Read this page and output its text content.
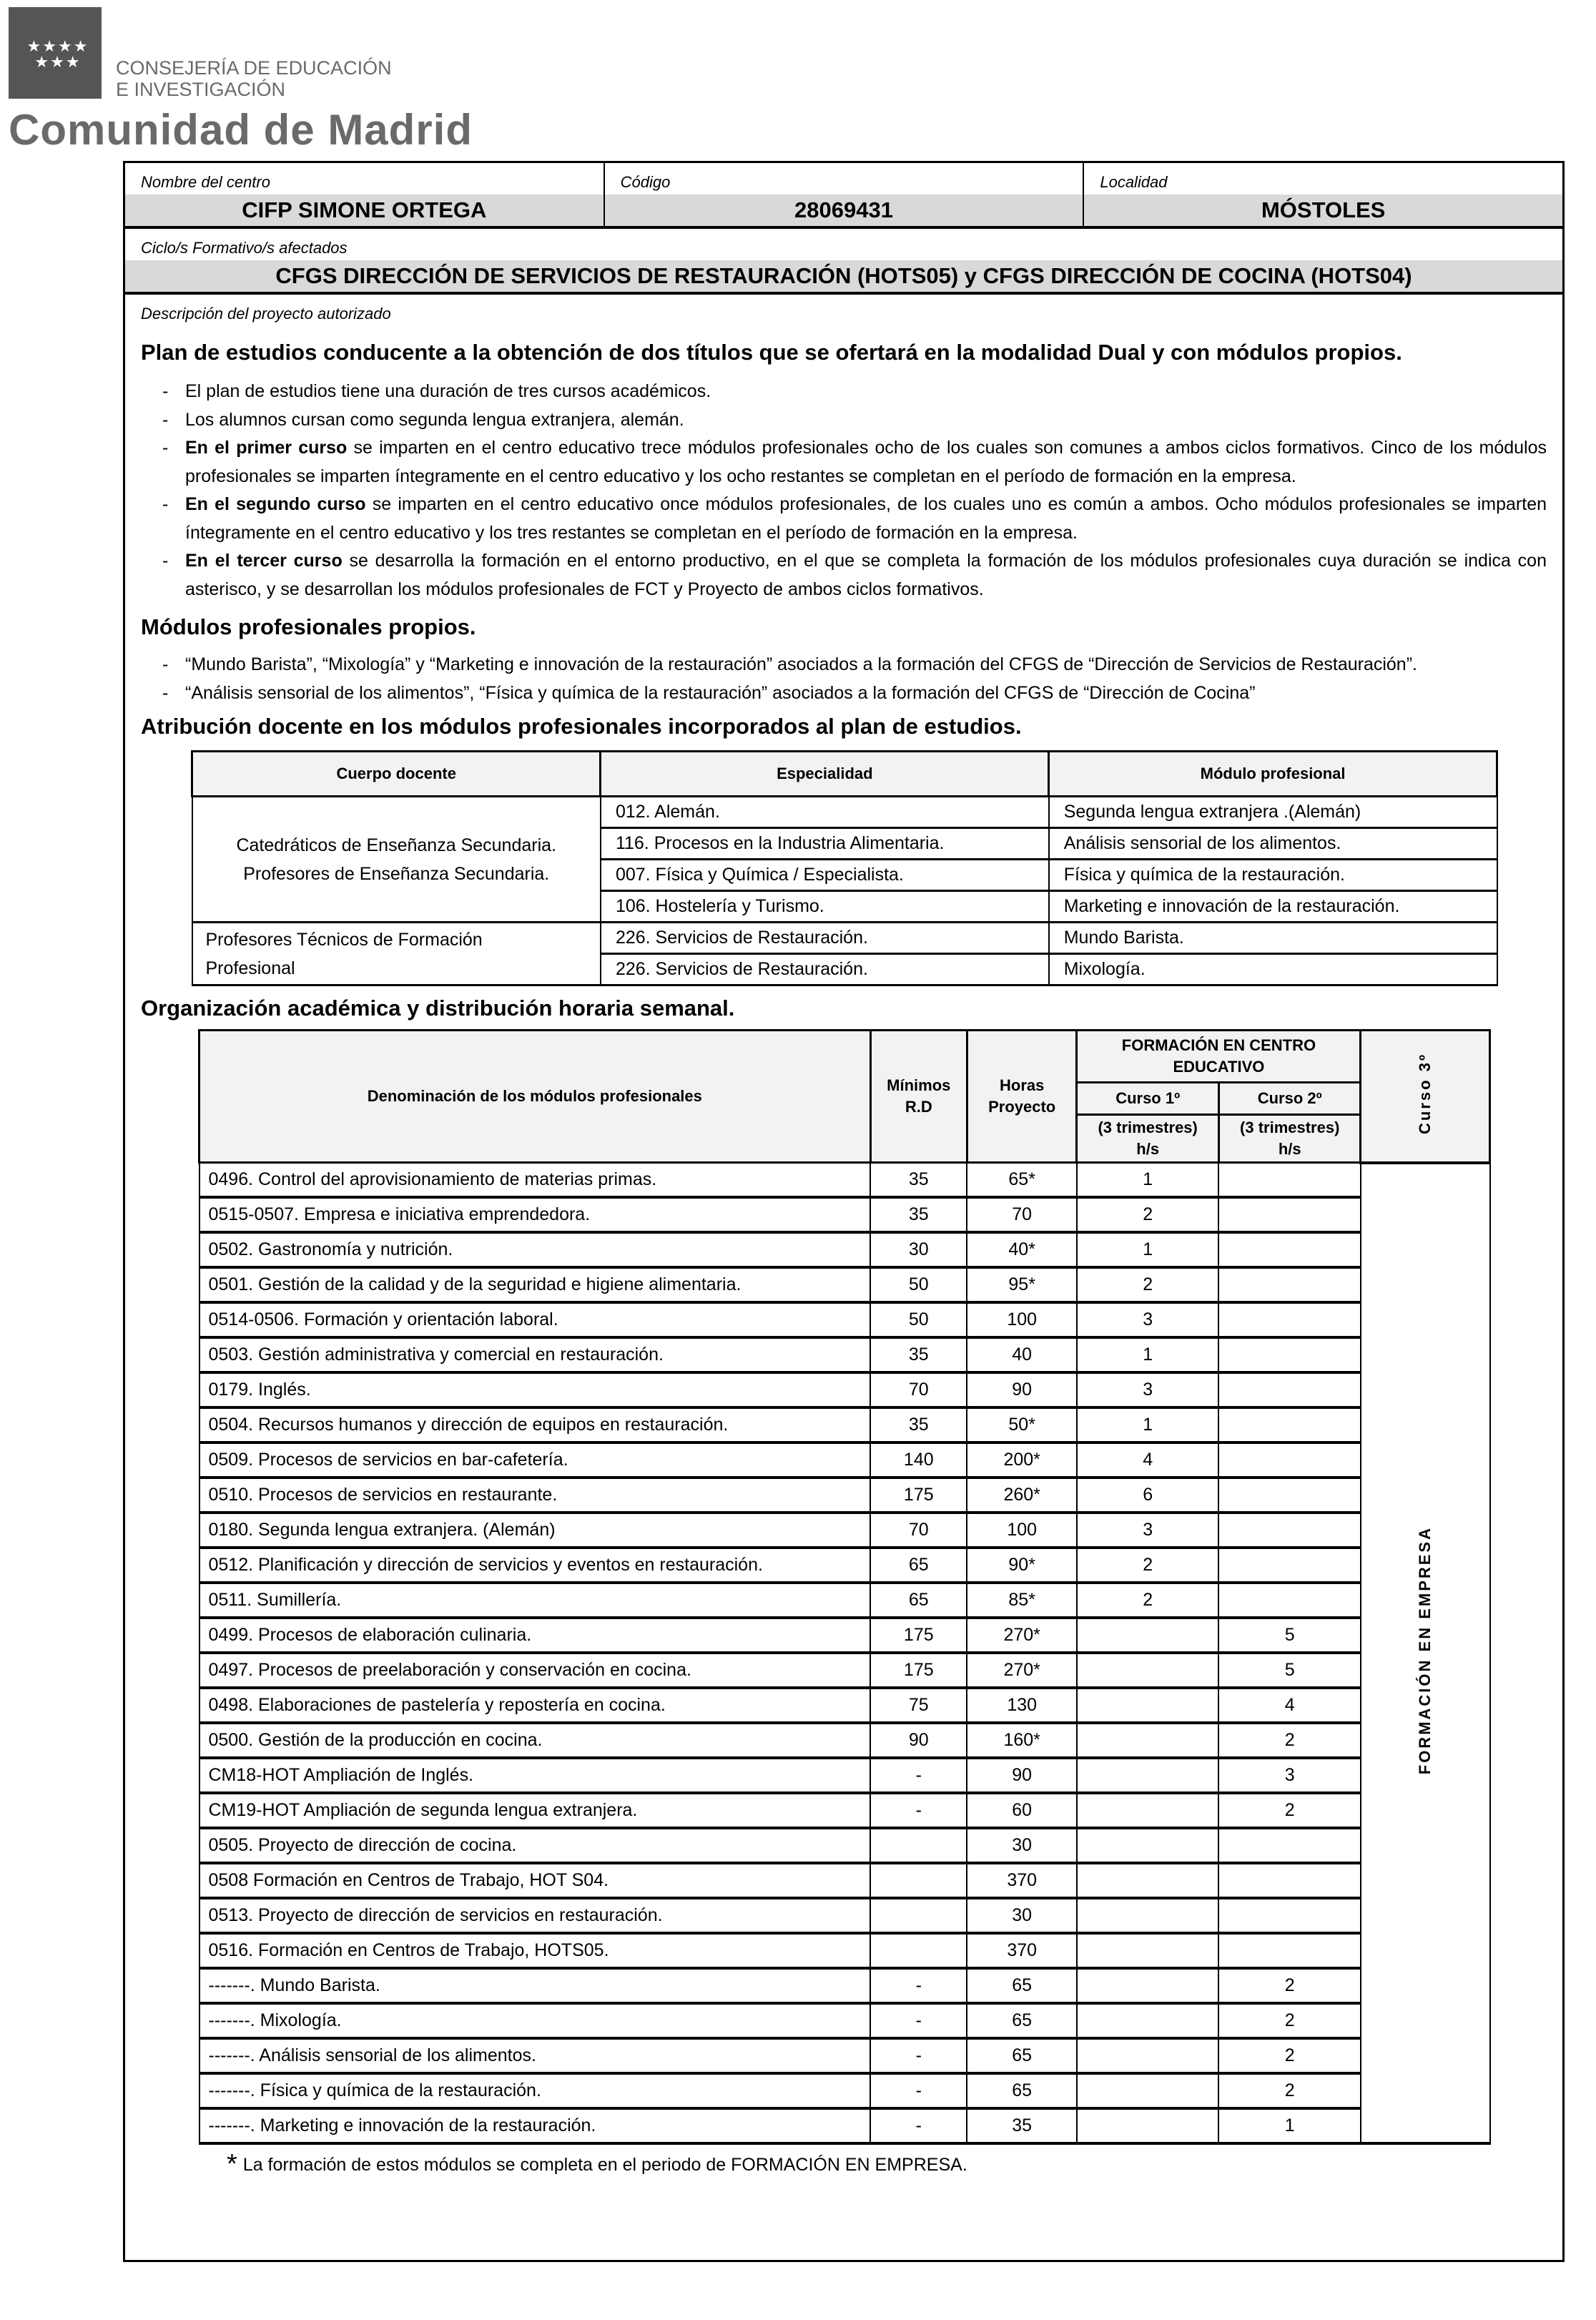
★★★★
★★★	CONSEJERÍA DE EDUCACIÓN
E INVESTIGACIÓN
Comunidad de Madrid
Nombre del centro
CIFP SIMONE ORTEGA
Código
28069431
Localidad
MÓSTOLES
Ciclo/s Formativo/s afectados
CFGS DIRECCIÓN DE SERVICIOS DE RESTAURACIÓN (HOTS05) y CFGS DIRECCIÓN DE COCINA (HOTS04)
Descripción del proyecto autorizado
Plan de estudios conducente a la obtención de dos títulos que se ofertará en la modalidad Dual y con módulos propios.
- El plan de estudios tiene una duración de tres cursos académicos.
- Los alumnos cursan como segunda lengua extranjera, alemán.
- En el primer curso se imparten en el centro educativo trece módulos profesionales ocho de los cuales son comunes a ambos ciclos formativos. Cinco de los módulos profesionales se imparten íntegramente en el centro educativo y los ocho restantes se completan en el período de formación en la empresa.
- En el segundo curso se imparten en el centro educativo once módulos profesionales, de los cuales uno es común a ambos. Ocho módulos profesionales se imparten íntegramente en el centro educativo y los tres restantes se completan en el período de formación en la empresa.
- En el tercer curso se desarrolla la formación en el entorno productivo, en el que se completa la formación de los módulos profesionales cuya duración se indica con asterisco, y se desarrollan los módulos profesionales de FCT y Proyecto de ambos ciclos formativos.
Módulos profesionales propios.
- “Mundo Barista”, “Mixología” y “Marketing e innovación de la restauración” asociados a la formación del CFGS de “Dirección de Servicios de Restauración”.
- “Análisis sensorial de los alimentos”, “Física y química de la restauración” asociados a la formación del CFGS de “Dirección de Cocina”
Atribución docente en los módulos profesionales incorporados al plan de estudios.
Cuerpo docente	Especialidad	Módulo profesional

Catedráticos de Enseñanza Secundaria.
Profesores de Enseñanza Secundaria.	012. Alemán.	Segunda lengua extranjera .(Alemán)
	116. Procesos en la Industria Alimentaria.	Análisis sensorial de los alimentos.
	007. Física y Química / Especialista.	Física y química de la restauración.
	106. Hostelería y Turismo.	Marketing e innovación de la restauración.

Profesores Técnicos de Formación
Profesional	226. Servicios de Restauración.	Mundo Barista.
	226. Servicios de Restauración.	Mixología.
Organización académica y distribución horaria semanal.
Denominación de los módulos profesionales	
Mínimos
R.D

Horas
Proyecto

FORMACIÓN EN CENTRO
EDUCATIVO	Curso 3º
			Curso 1º	Curso 2º	

(3 trimestres)
h/s

(3 trimestres)
h/s

0496. Control del aprovisionamiento de materias primas.	35	65*	1		FORMACIÓN EN EMPRESA
0515-0507. Empresa e iniciativa emprendedora.	35	70	2		
0502. Gastronomía y nutrición.	30	40*	1		
0501. Gestión de la calidad y de la seguridad e higiene alimentaria.	50	95*	2		
0514-0506. Formación y orientación laboral.	50	100	3		
0503. Gestión administrativa y comercial en restauración.	35	40	1		
0179. Inglés.	70	90	3		
0504. Recursos humanos y dirección de equipos en restauración.	35	50*	1		
0509. Procesos de servicios en bar-cafetería.	140	200*	4		
0510. Procesos de servicios en restaurante.	175	260*	6		
0180. Segunda lengua extranjera. (Alemán)	70	100	3		
0512. Planificación y dirección de servicios y eventos en restauración.	65	90*	2		
0511. Sumillería.	65	85*	2		
0499. Procesos de elaboración culinaria.	175	270*		5	
0497. Procesos de preelaboración y conservación en cocina.	175	270*		5	
0498. Elaboraciones de pastelería y repostería en cocina.	75	130		4	
0500. Gestión de la producción en cocina.	90	160*		2	
CM18-HOT Ampliación de Inglés.	-	90		3	
CM19-HOT Ampliación de segunda lengua extranjera.	-	60		2	
0505. Proyecto de dirección de cocina.		30			
0508 Formación en Centros de Trabajo, HOT S04.		370			
0513. Proyecto de dirección de servicios en restauración.		30			
0516. Formación en Centros de Trabajo, HOTS05.		370			
-------. Mundo Barista.	-	65		2	
-------. Mixología.	-	65		2	
-------. Análisis sensorial de los alimentos.	-	65		2	
-------. Física y química de la restauración.	-	65		2	
-------. Marketing e innovación de la restauración.	-	35		1	
* La formación de estos módulos se completa en el periodo de FORMACIÓN EN EMPRESA.
